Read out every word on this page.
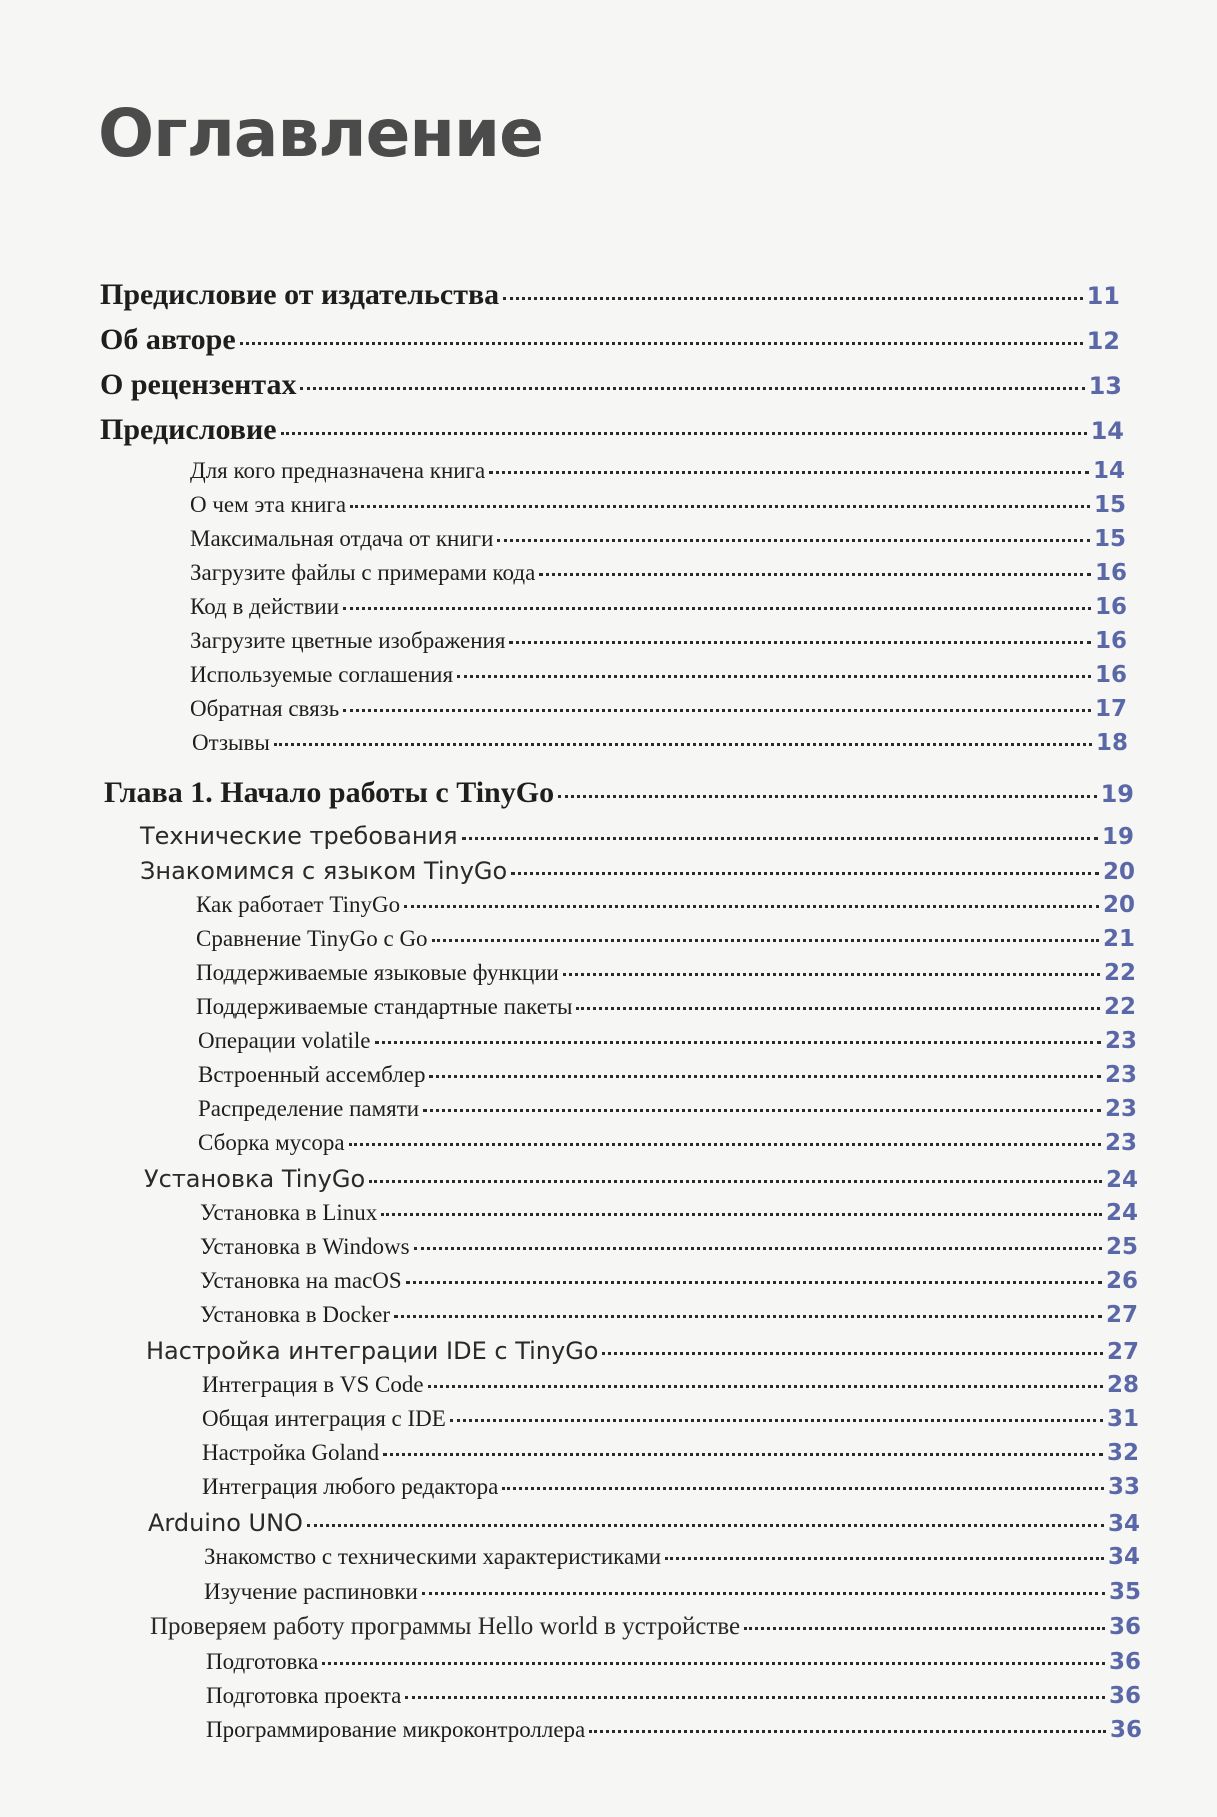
Оглавление
Предисловие от издательства	11
Об авторе	12
О рецензентах	13
Предисловие	14
Для кого предназначена книга	14
О чем эта книга	15
Максимальная отдача от книги	15
Загрузите файлы с примерами кода	16
Код в действии	16
Загрузите цветные изображения	16
Используемые соглашения	16
Обратная связь	17
Отзывы	18
Глава 1. Начало работы с TinyGo	19
Технические требования	19
Знакомимся с языком TinyGo	20
Как работает TinyGo	20
Сравнение TinyGo с Go	21
Поддерживаемые языковые функции	22
Поддерживаемые стандартные пакеты	22
Операции volatile	23
Встроенный ассемблер	23
Распределение памяти	23
Сборка мусора	23
Установка TinyGo	24
Установка в Linux	24
Установка в Windows	25
Установка на macOS	26
Установка в Docker	27
Настройка интеграции IDE с TinyGo	27
Интеграция в VS Code	28
Общая интеграция с IDE	31
Настройка Goland	32
Интеграция любого редактора	33
Arduino UNO	34
Знакомство с техническими характеристиками	34
Изучение распиновки	35
Проверяем работу программы Hello world в устройстве	36
Подготовка	36
Подготовка проекта	36
Программирование микроконтроллера	36
